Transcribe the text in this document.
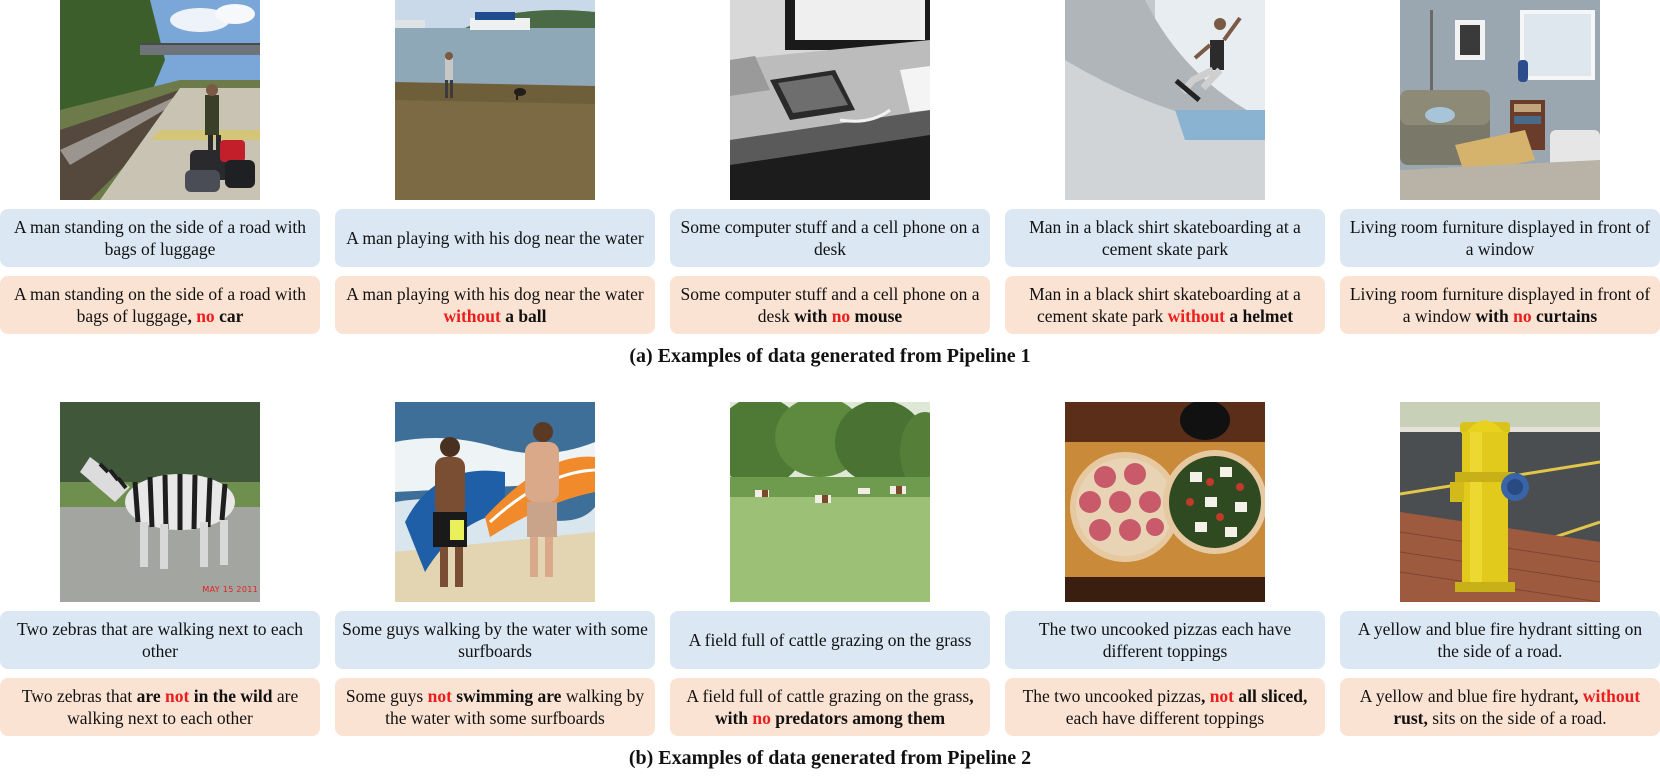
A man standing on the side of a road with bags of luggage
A man standing on the side of a road with bags of luggage, no car
A man playing with his dog near the water
A man playing with his dog near the water without a ball
Some computer stuff and a cell phone on a desk
Some computer stuff and a cell phone on a desk with no mouse
Man in a black shirt skateboarding at a cement skate park
Man in a black shirt skateboarding at a cement skate park without a helmet
Living room furniture displayed in front of a window
Living room furniture displayed in front of a window with no curtains
(a) Examples of data generated from Pipeline 1
MAY 15 2011
Two zebras that are walking next to each other
Two zebras that are not in the wild are walking next to each other
Some guys walking by the water with some surfboards
Some guys not swimming are walking by the water with some surfboards
A field full of cattle grazing on the grass
A field full of cattle grazing on the grass, with no predators among them
The two uncooked pizzas each have different toppings
The two uncooked pizzas, not all sliced, each have different toppings
A yellow and blue fire hydrant sitting on the side of a road.
A yellow and blue fire hydrant, without rust, sits on the side of a road.
(b) Examples of data generated from Pipeline 2
